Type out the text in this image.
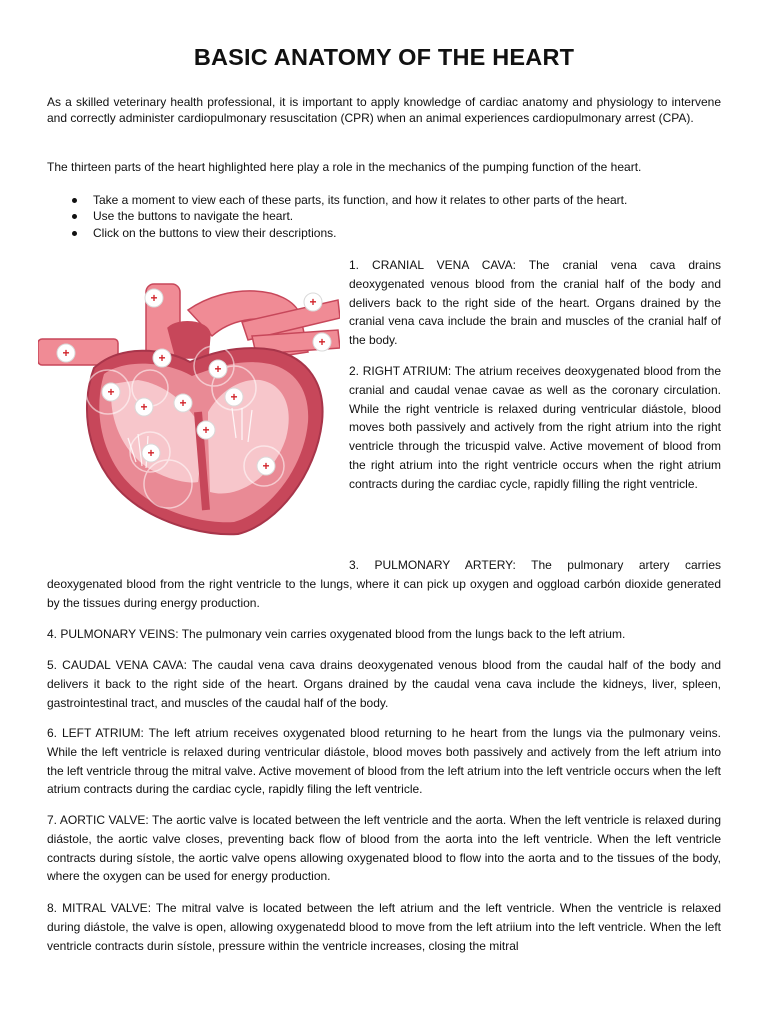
BASIC ANATOMY OF THE HEART

As a skilled veterinary health professional, it is important to apply knowledge of cardiac anatomy and physiology to intervene and correctly administer cardiopulmonary resuscitation (CPR) when an animal experiences cardiopulmonary arrest (CPA).

The thirteen parts of the heart highlighted here play a role in the mechanics of the pumping function of the heart.

Take a moment to view each of these parts, its function, and how it relates to other parts of the heart.
Use the buttons to navigate the heart.
Click on the buttons to view their descriptions.
+	+
+
+	+
+
+	+
+	+
+
+
+

1. CRANIAL VENA CAVA: The cranial vena cava drains deoxygenated venous blood from the cranial half of the body and delivers back to the right side of the heart. Organs drained by the cranial vena cava include the brain and muscles of the cranial half of the body.

2. RIGHT ATRIUM: The atrium receives deoxygenated blood from the cranial and caudal venae cavae as well as the coronary circulation. While the right ventricle is relaxed during ventricular diástole, blood moves both passively and actively from the right atrium into the right ventricle through the tricuspid valve. Active movement of blood from the right atrium into the right ventricle occurs when the right atrium contracts during the cardiac cycle, rapidly filling the right ventricle.

3. PULMONARY ARTERY: The pulmonary artery carries deoxygenated blood from the right ventricle to the lungs, where it can pick up oxygen and oggload carbón dioxide generated by the tissues during energy production.

4. PULMONARY VEINS: The pulmonary vein carries oxygenated blood from the lungs back to the left atrium.

5. CAUDAL VENA CAVA: The caudal vena cava drains deoxygenated venous blood from the caudal half of the body and delivers it back to the right side of the heart. Organs drained by the caudal vena cava include the kidneys, liver, spleen, gastrointestinal tract, and muscles of the caudal half of the body.

6. LEFT ATRIUM: The left atrium receives oxygenated blood returning to he heart from the lungs via the pulmonary veins. While the left ventricle is relaxed during ventricular diástole, blood moves both passively and actively from the left atrium into the left ventricle throug the mitral valve. Active movement of blood from the left atrium into the left ventricle occurs when the left atrium contracts during the cardiac cycle, rapidly filing the left ventricle.

7. AORTIC VALVE: The aortic valve is located between the left ventricle and the aorta. When the left ventricle is relaxed during diástole, the aortic valve closes, preventing back flow of blood from the aorta into the left ventricle. When the left ventricle contracts during sístole, the aortic valve opens allowing oxygenated blood to flow into the aorta and to the tissues of the body, where the oxygen can be used for energy production.

8. MITRAL VALVE: The mitral valve is located between the left atrium and the left ventricle. When the ventricle is relaxed during diástole, the valve is open, allowing oxygenatedd blood to move from the left atriium into the left ventricle. When the left ventricle contracts durin sístole, pressure within the ventricle increases, closing the mitral
